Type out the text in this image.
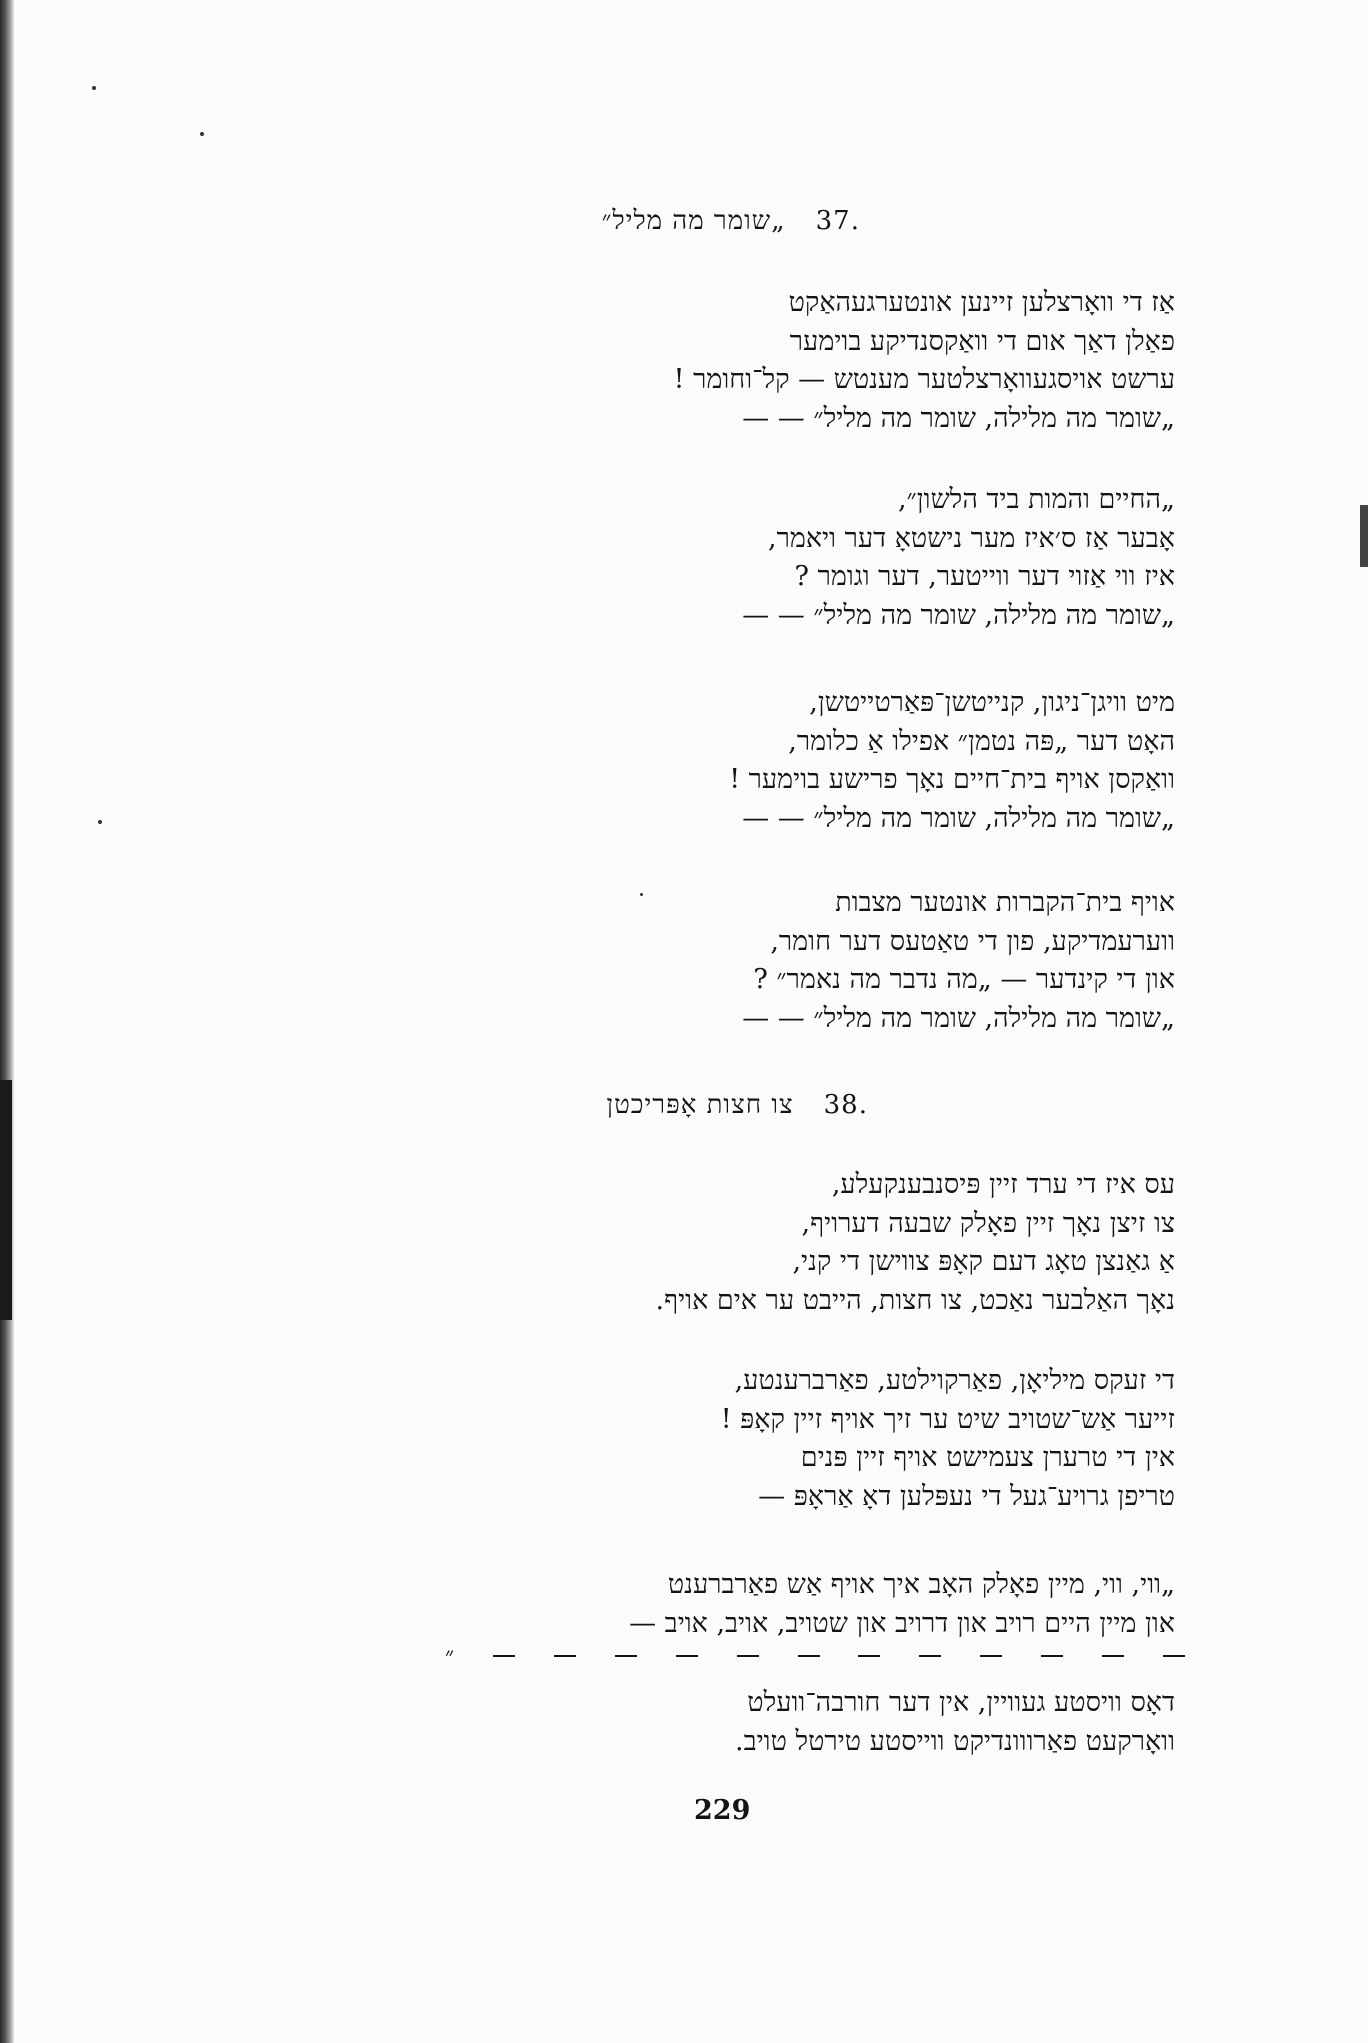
.37„שומר מה מליל״
אַז די וואָרצלען זיינען אונטערגעהאַקט
פאַלן דאַך אום די וואַקסנדיקע בוימער
ערשט אויסגעוואָרצלטער מענטש — קל־וחומר !
„שומר מה מלילה, שומר מה מליל״ — —
„החיים והמות ביד הלשון״,
אָבער אַז ס׳איז מער נישטאָ דער ויאמר,
איז ווי אַזוי דער ווייטער, דער וגומר ?
„שומר מה מלילה, שומר מה מליל״ — —
מיט וויגן־ניגון, קנייטשן־פּאַרטייטשן,
האָט דער „פּה נטמן״ אפילו אַ כלומר,
וואַקסן אויף בית־חיים נאָך פרישע בוימער !
„שומר מה מלילה, שומר מה מליל״ — —
אויף בית־הקברות אונטער מצבות
ווערעמדיקע, פון די טאַטעס דער חומר,
און די קינדער — „מה נדבר מה נאמר״ ?
„שומר מה מלילה, שומר מה מליל״ — —
.38צו חצות אָפּריכטן
עס איז די ערד זיין פּיסנבענקעלע,
צו זיצן נאָך זיין פאָלק שבעה דערויף,
אַ גאַנצן טאָג דעם קאָפּ צווישן די קני,
נאָך האַלבער נאַכט, צו חצות, הייבט ער אים אויף.
די זעקס מיליאָן, פאַרקוילטע, פאַרברענטע,
זייער אַש־שטויב שיט ער זיך אויף זיין קאָפּ !
אין די טרערן צעמישט אויף זיין פּנים
טריפן גרויע־געל די נעפּלען דאָ אַראָפּ —
„ווי, ווי, מיין פאָלק האָב איך אויף אַש פאַרברענט
און מיין היים רויב און דרויב און שטויב, אויב, אויב —
״
דאָס וויסטע געוויין, אין דער חורבה־וועלט
וואָרקעט פאַרווונדיקט ווייסטע טירטל טויב.
229
